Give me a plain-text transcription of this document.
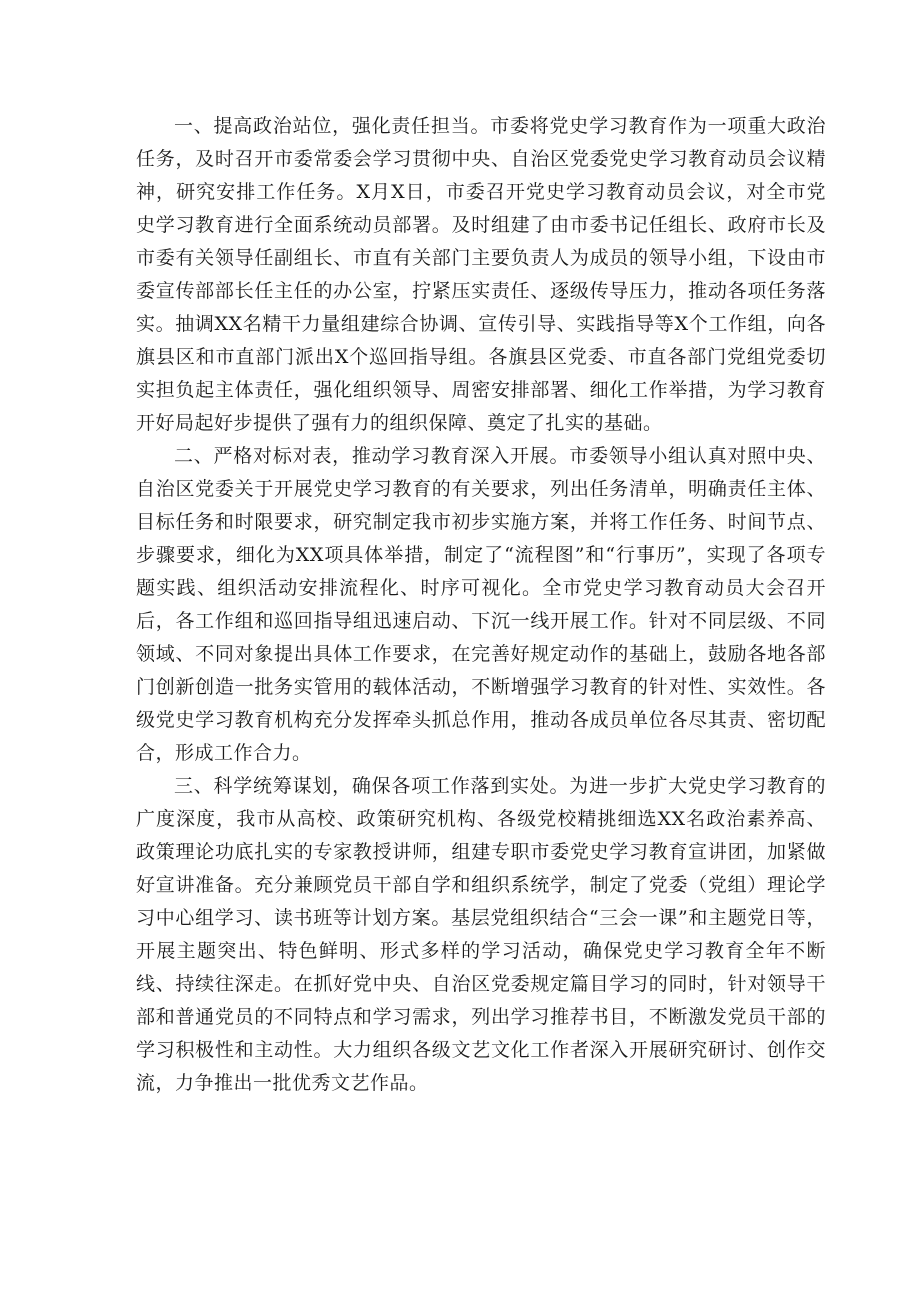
一、提高政治站位，强化责任担当。市委将党史学习教育作为一项重大政治任务，及时召开市委常委会学习贯彻中央、自治区党委党史学习教育动员会议精神，研究安排工作任务。X月X日，市委召开党史学习教育动员会议，对全市党史学习教育进行全面系统动员部署。及时组建了由市委书记任组长、政府市长及市委有关领导任副组长、市直有关部门主要负责人为成员的领导小组，下设由市委宣传部部长任主任的办公室，拧紧压实责任、逐级传导压力，推动各项任务落实。抽调XX名精干力量组建综合协调、宣传引导、实践指导等X个工作组，向各旗县区和市直部门派出X个巡回指导组。各旗县区党委、市直各部门党组党委切实担负起主体责任，强化组织领导、周密安排部署、细化工作举措，为学习教育开好局起好步提供了强有力的组织保障、奠定了扎实的基础。

二、严格对标对表，推动学习教育深入开展。市委领导小组认真对照中央、自治区党委关于开展党史学习教育的有关要求，列出任务清单，明确责任主体、目标任务和时限要求，研究制定我市初步实施方案，并将工作任务、时间节点、步骤要求，细化为XX项具体举措，制定了“流程图”和“行事历”，实现了各项专题实践、组织活动安排流程化、时序可视化。全市党史学习教育动员大会召开后，各工作组和巡回指导组迅速启动、下沉一线开展工作。针对不同层级、不同领域、不同对象提出具体工作要求，在完善好规定动作的基础上，鼓励各地各部门创新创造一批务实管用的载体活动，不断增强学习教育的针对性、实效性。各级党史学习教育机构充分发挥牵头抓总作用，推动各成员单位各尽其责、密切配合，形成工作合力。

三、科学统筹谋划，确保各项工作落到实处。为进一步扩大党史学习教育的广度深度，我市从高校、政策研究机构、各级党校精挑细选XX名政治素养高、政策理论功底扎实的专家教授讲师，组建专职市委党史学习教育宣讲团，加紧做好宣讲准备。充分兼顾党员干部自学和组织系统学，制定了党委（党组）理论学习中心组学习、读书班等计划方案。基层党组织结合“三会一课”和主题党日等，开展主题突出、特色鲜明、形式多样的学习活动，确保党史学习教育全年不断线、持续往深走。在抓好党中央、自治区党委规定篇目学习的同时，针对领导干部和普通党员的不同特点和学习需求，列出学习推荐书目，不断激发党员干部的学习积极性和主动性。大力组织各级文艺文化工作者深入开展研究研讨、创作交流，力争推出一批优秀文艺作品。
